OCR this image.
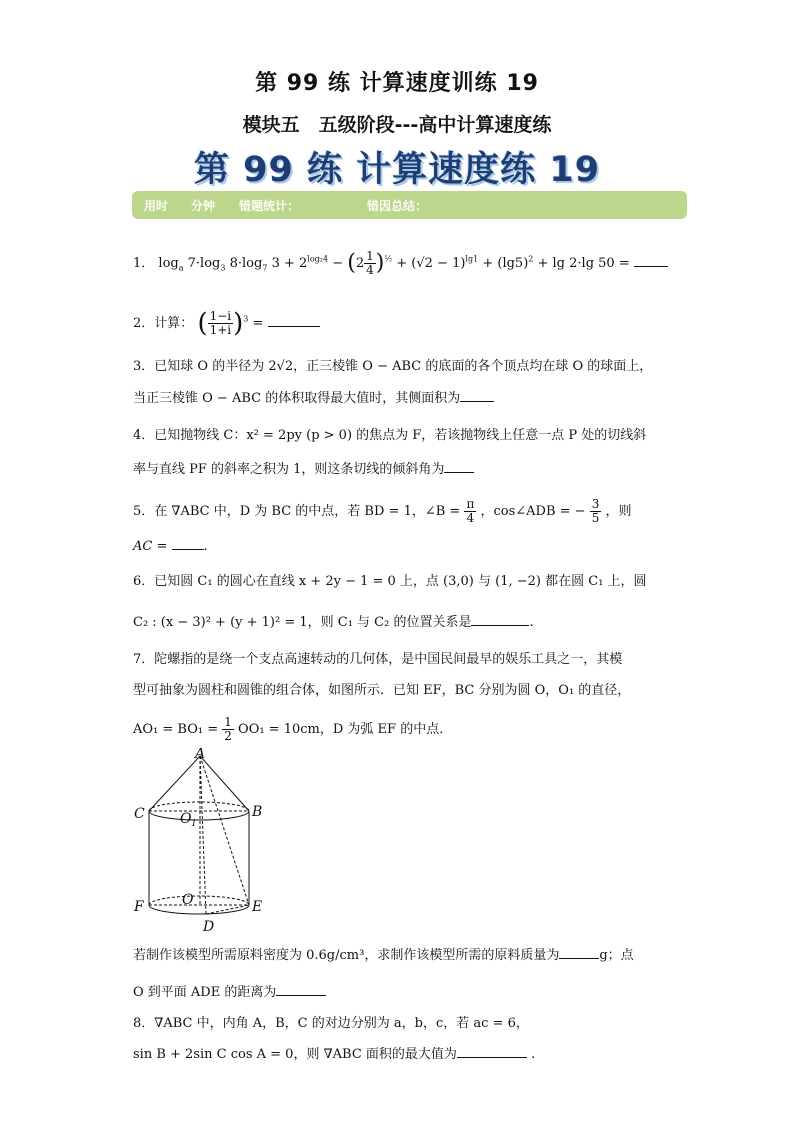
第 99 练 计算速度训练 19
模块五　五级阶段---高中计算速度练
第 99 练 计算速度练 19
用时 分钟 错题统计：	错因总结：
1． $\log_a 7\cdot\log_3$ $8\cdot\log_7$ $3 + 2^{log_24} - (2 \frac{1}{4} )^{\frac{1}{2}} + (√2 - 1)^{lg1} + (\lg 5)^2 + \lg 2\cdot\lg$ 50 =
2．计算： ( $\frac{1-i}{1+i} )^3$ =
3．已知球 O 的半径为 2√2，正三棱锥 O − ABC 的底面的各个顶点均在球 O 的球面上，
当正三棱锥 O − ABC 的体积取得最大值时，其侧面积为
4．已知抛物线 C：x² = 2py (p > 0) 的焦点为 F，若该抛物线上任意一点 P 处的切线斜
率与直线 PF 的斜率之积为 1，则这条切线的倾斜角为
5．在 ∇ABC 中，D 为 BC 的中点，若 BD = 1，∠B = $\frac{\pi}{4}$ ，cos∠ADB = − $\frac{3}{5}$ ，则
AC =	.
6．已知圆 C₁ 的圆心在直线 x + 2y − 1 = 0 上，点 (3,0) 与 (1, −2) 都在圆 C₁ 上，圆
C₂ : (x − 3)² + (y + 1)² = 1，则 C₁ 与 C₂ 的位置关系是	.
7．陀螺指的是绕一个支点高速转动的几何体，是中国民间最早的娱乐工具之一，其模
型可抽象为圆柱和圆锥的组合体，如图所示．已知 EF，BC 分别为圆 O，O₁ 的直径，
$AO_1 = BO_1 = \frac{1}{2} OO_1 = 10cm$，D 为弧 EF 的中点．
A
B
C	O 1
F	O	E
D
若制作该模型所需原料密度为 0.6g/cm³，求制作该模型所需的原料质量为	g；点
O 到平面 ADE 的距离为
8．∇ABC 中，内角 A，B，C 的对边分别为 a，b，c，若 ac = 6，
sin B + 2sin C cos A = 0，则 ∇ABC 面积的最大值为	.
